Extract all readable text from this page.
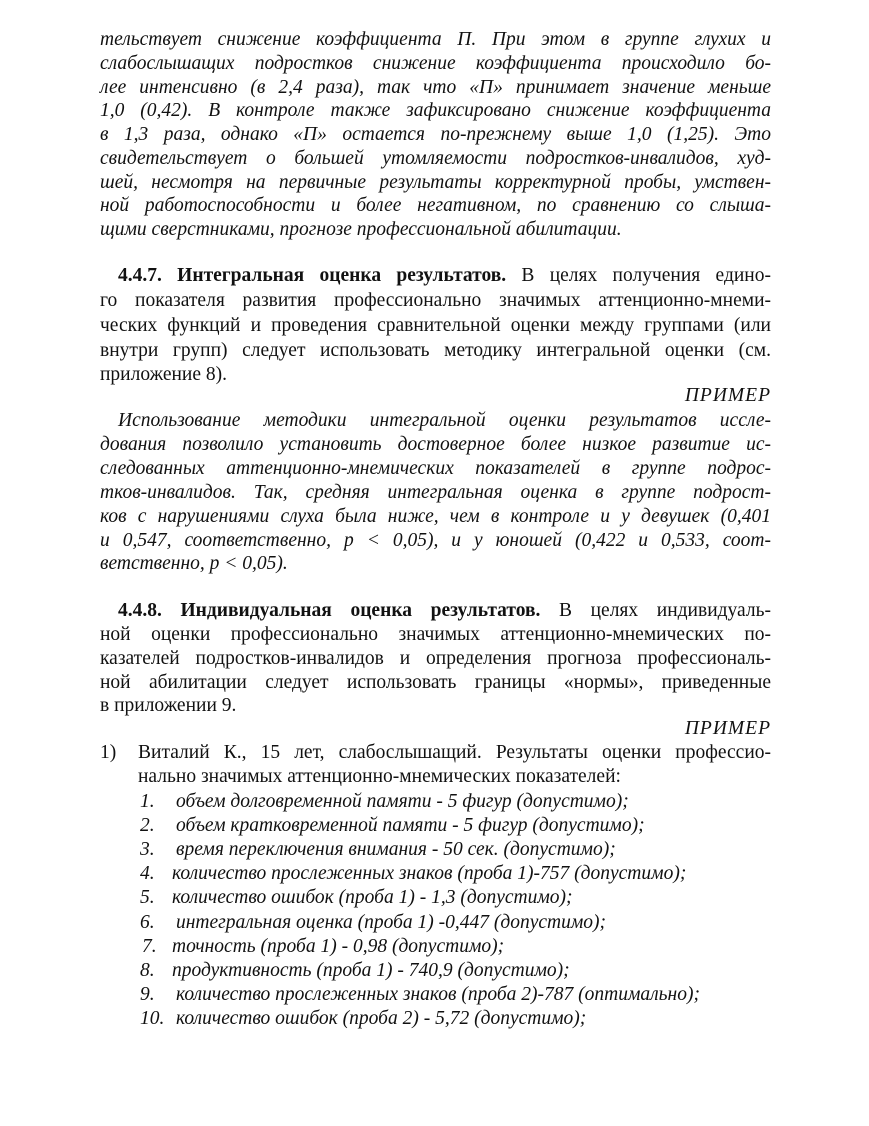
тельствует снижение коэффициента П. При этом в группе глухих и
слабослышащих подростков снижение коэффициента происходило бо-
лее интенсивно (в 2,4 раза), так что «П» принимает значение меньше
1,0 (0,42). В контроле также зафиксировано снижение коэффициента
в 1,3 раза, однако «П» остается по-прежнему выше 1,0 (1,25). Это
свидетельствует о большей утомляемости подростков-инвалидов, худ-
шей, несмотря на первичные результаты корректурной пробы, умствен-
ной работоспособности и более негативном, по сравнению со слыша-
щими сверстниками, прогнозе профессиональной абилитации.
4.4.7. Интегральная оценка результатов. В целях получения едино-
го показателя развития профессионально значимых аттенционно-мнеми-
ческих функций и проведения сравнительной оценки между группами (или
внутри групп) следует использовать методику интегральной оценки (см.
приложение 8).
ПРИМЕР
Использование методики интегральной оценки результатов иссле-
дования позволило установить достоверное более низкое развитие ис-
следованных аттенционно-мнемических показателей в группе подрос-
тков-инвалидов. Так, средняя интегральная оценка в группе подрост-
ков с нарушениями слуха была ниже, чем в контроле и у девушек (0,401
и 0,547, соответственно, p < 0,05), и у юношей (0,422 и 0,533, соот-
ветственно, p < 0,05).
4.4.8. Индивидуальная оценка результатов. В целях индивидуаль-
ной оценки профессионально значимых аттенционно-мнемических по-
казателей подростков-инвалидов и определения прогноза профессиональ-
ной абилитации следует использовать границы «нормы», приведенные
в приложении 9.
ПРИМЕР
1) Виталий К., 15 лет, слабослышащий. Результаты оценки профессио-
нально значимых аттенционно-мнемических показателей:
1. объем долговременной памяти - 5 фигур (допустимо);
2. объем кратковременной памяти - 5 фигур (допустимо);
3. время переключения внимания - 50 сек. (допустимо);
4. количество прослеженных знаков (проба 1)-757 (допустимо);
5. количество ошибок (проба 1) - 1,3 (допустимо);
6. интегральная оценка (проба 1) -0,447 (допустимо);
7. точность (проба 1) - 0,98 (допустимо);
8. продуктивность (проба 1) - 740,9 (допустимо);
9. количество прослеженных знаков (проба 2)-787 (оптимально);
10. количество ошибок (проба 2) - 5,72 (допустимо);
